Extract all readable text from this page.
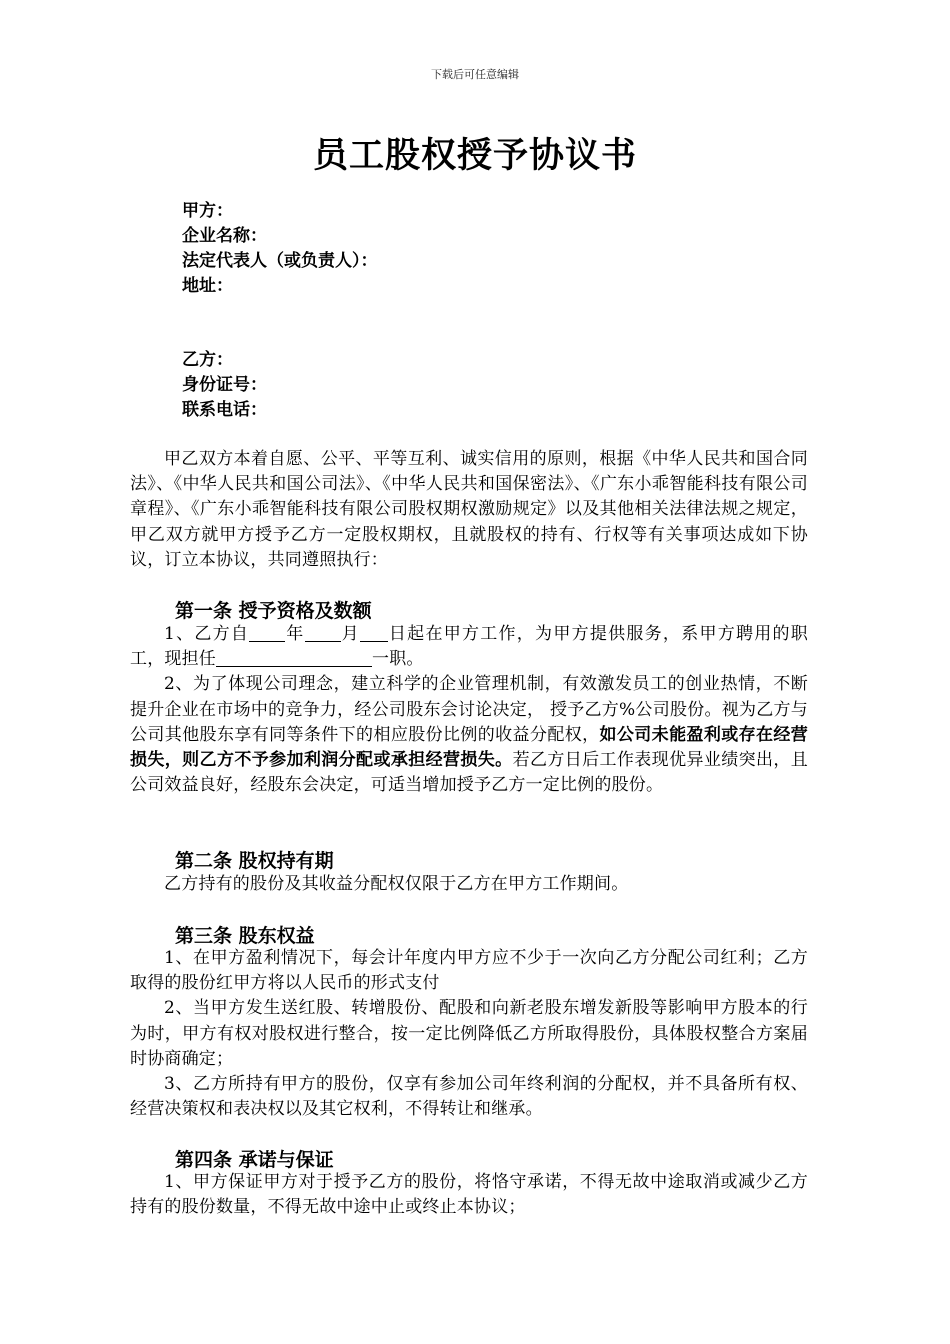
下载后可任意编辑
员工股权授予协议书
甲方：
企业名称：
法定代表人（或负责人）：
地址：
乙方：
身份证号：
联系电话：

甲乙双方本着自愿、公平、平等互利、诚实信用的原则，根据《中华人民共和国合同法》、《中华人民共和国公司法》、《中华人民共和国保密法》、《广东小乖智能科技有限公司章程》、《广东小乖智能科技有限公司股权期权激励规定》以及其他相关法律法规之规定，甲乙双方就甲方授予乙方一定股权期权，且就股权的持有、行权等有关事项达成如下协议，订立本协议，共同遵照执行：

第一条 授予资格及数额

1、乙方自 年 月 日起在甲方工作，为甲方提供服务，系甲方聘用的职工，现担任	一职。

2、为了体现公司理念，建立科学的企业管理机制，有效激发员工的创业热情，不断提升企业在市场中的竞争力，经公司股东会讨论决定， 授予乙方%公司股份。视为乙方与公司其他股东享有同等条件下的相应股份比例的收益分配权，如公司未能盈利或存在经营损失，则乙方不予参加利润分配或承担经营损失。若乙方日后工作表现优异业绩突出，且公司效益良好，经股东会决定，可适当增加授予乙方一定比例的股份。

第二条 股权持有期

乙方持有的股份及其收益分配权仅限于乙方在甲方工作期间。

第三条 股东权益

1、在甲方盈利情况下，每会计年度内甲方应不少于一次向乙方分配公司红利；乙方取得的股份红甲方将以人民币的形式支付

2、当甲方发生送红股、转增股份、配股和向新老股东增发新股等影响甲方股本的行为时，甲方有权对股权进行整合，按一定比例降低乙方所取得股份，具体股权整合方案届时协商确定；

3、乙方所持有甲方的股份，仅享有参加公司年终利润的分配权，并不具备所有权、经营决策权和表决权以及其它权利，不得转让和继承。

第四条 承诺与保证

1、甲方保证甲方对于授予乙方的股份，将恪守承诺，不得无故中途取消或减少乙方持有的股份数量，不得无故中途中止或终止本协议；
